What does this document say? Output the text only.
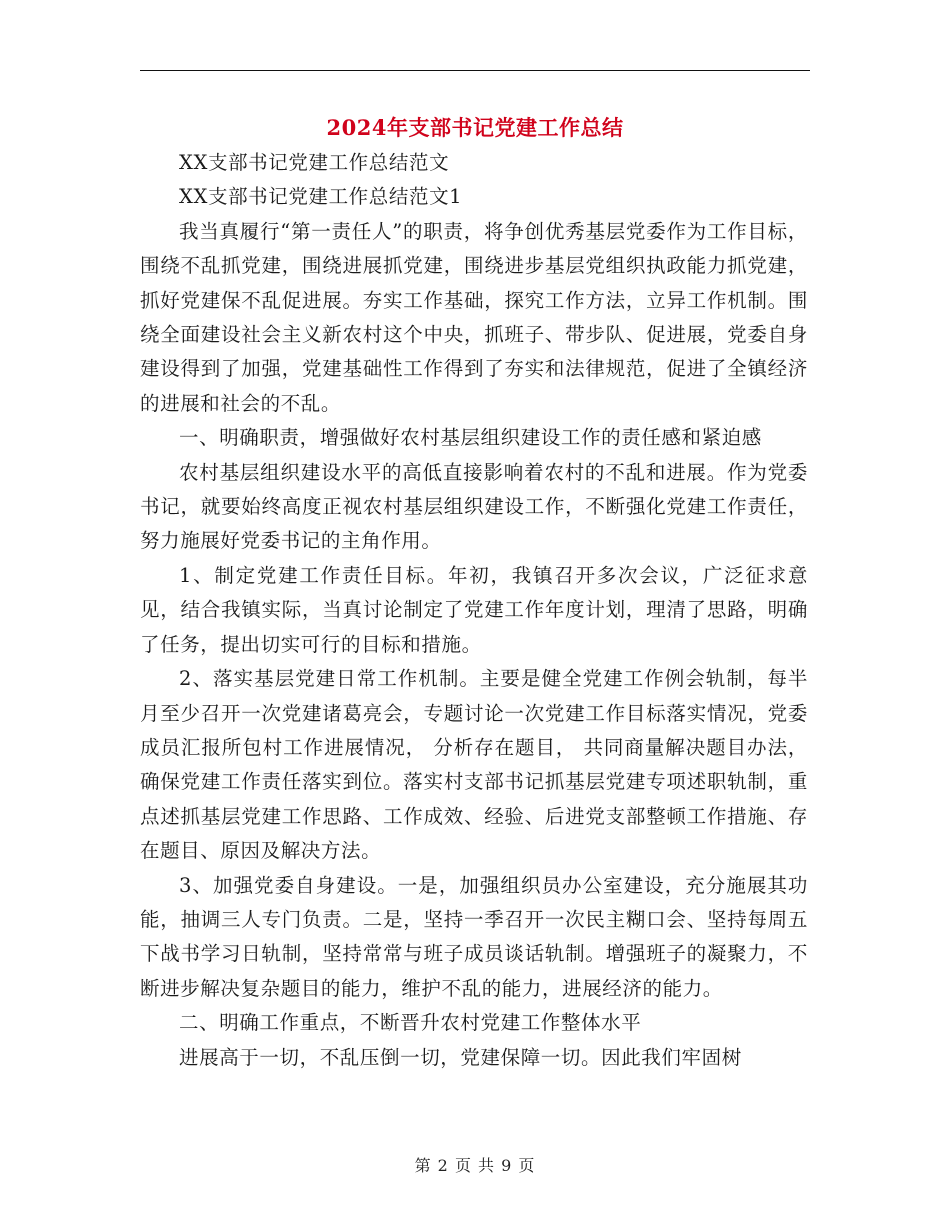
2024年支部书记党建工作总结

XX支部书记党建工作总结范文

XX支部书记党建工作总结范文1

我当真履行“第一责任人”的职责，将争创优秀基层党委作为工作目标，围绕不乱抓党建，围绕进展抓党建，围绕进步基层党组织执政能力抓党建，抓好党建保不乱促进展。夯实工作基础，探究工作方法，立异工作机制。围绕全面建设社会主义新农村这个中央，抓班子、带步队、促进展，党委自身建设得到了加强，党建基础性工作得到了夯实和法律规范，促进了全镇经济的进展和社会的不乱。

一、明确职责，增强做好农村基层组织建设工作的责任感和紧迫感

农村基层组织建设水平的高低直接影响着农村的不乱和进展。作为党委书记，就要始终高度正视农村基层组织建设工作，不断强化党建工作责任，努力施展好党委书记的主角作用。

1、制定党建工作责任目标。年初，我镇召开多次会议，广泛征求意见，结合我镇实际，当真讨论制定了党建工作年度计划，理清了思路，明确了任务，提出切实可行的目标和措施。

2、落实基层党建日常工作机制。主要是健全党建工作例会轨制，每半月至少召开一次党建诸葛亮会，专题讨论一次党建工作目标落实情况，党委成员汇报所包村工作进展情况， 分析存在题目， 共同商量解决题目办法，确保党建工作责任落实到位。落实村支部书记抓基层党建专项述职轨制，重点述抓基层党建工作思路、工作成效、经验、后进党支部整顿工作措施、存在题目、原因及解决方法。

3、加强党委自身建设。一是，加强组织员办公室建设，充分施展其功能，抽调三人专门负责。二是，坚持一季召开一次民主糊口会、坚持每周五下战书学习日轨制，坚持常常与班子成员谈话轨制。增强班子的凝聚力，不断进步解决复杂题目的能力，维护不乱的能力，进展经济的能力。

二、明确工作重点，不断晋升农村党建工作整体水平

进展高于一切，不乱压倒一切，党建保障一切。因此我们牢固树

第 2 页 共 9 页
